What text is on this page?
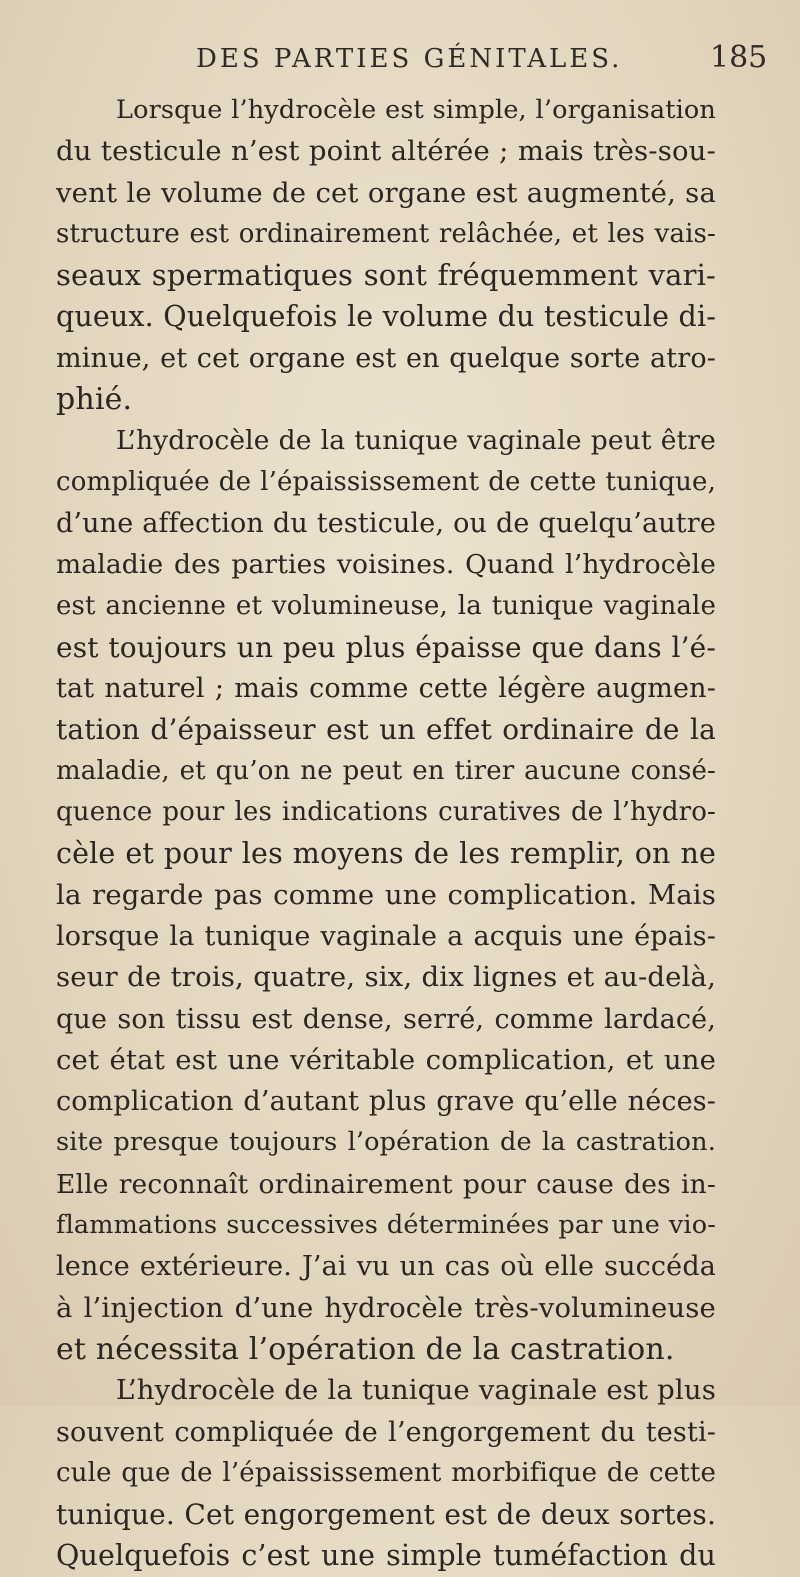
DES PARTIES GÉNITALES.	185
Lorsque l’hydrocèle est simple, l’organisation
du testicule n’est point altérée ; mais très-sou-
vent le volume de cet organe est augmenté, sa
structure est ordinairement relâchée, et les vais-
seaux spermatiques sont fréquemment vari-
queux. Quelquefois le volume du testicule di-
minue, et cet organe est en quelque sorte atro-
phié.
L’hydrocèle de la tunique vaginale peut être
compliquée de l’épaississement de cette tunique,
d’une affection du testicule, ou de quelqu’autre
maladie des parties voisines. Quand l’hydrocèle
est ancienne et volumineuse, la tunique vaginale
est toujours un peu plus épaisse que dans l’é-
tat naturel ; mais comme cette légère augmen-
tation d’épaisseur est un effet ordinaire de la
maladie, et qu’on ne peut en tirer aucune consé-
quence pour les indications curatives de l’hydro-
cèle et pour les moyens de les remplir, on ne
la regarde pas comme une complication. Mais
lorsque la tunique vaginale a acquis une épais-
seur de trois, quatre, six, dix lignes et au-delà,
que son tissu est dense, serré, comme lardacé,
cet état est une véritable complication, et une
complication d’autant plus grave qu’elle néces-
site presque toujours l’opération de la castration.
Elle reconnaît ordinairement pour cause des in-
flammations successives déterminées par une vio-
lence extérieure. J’ai vu un cas où elle succéda
à l’injection d’une hydrocèle très-volumineuse
et nécessita l’opération de la castration.
L’hydrocèle de la tunique vaginale est plus
souvent compliquée de l’engorgement du testi-
cule que de l’épaississement morbifique de cette
tunique. Cet engorgement est de deux sortes.
Quelquefois c’est une simple tuméfaction du
